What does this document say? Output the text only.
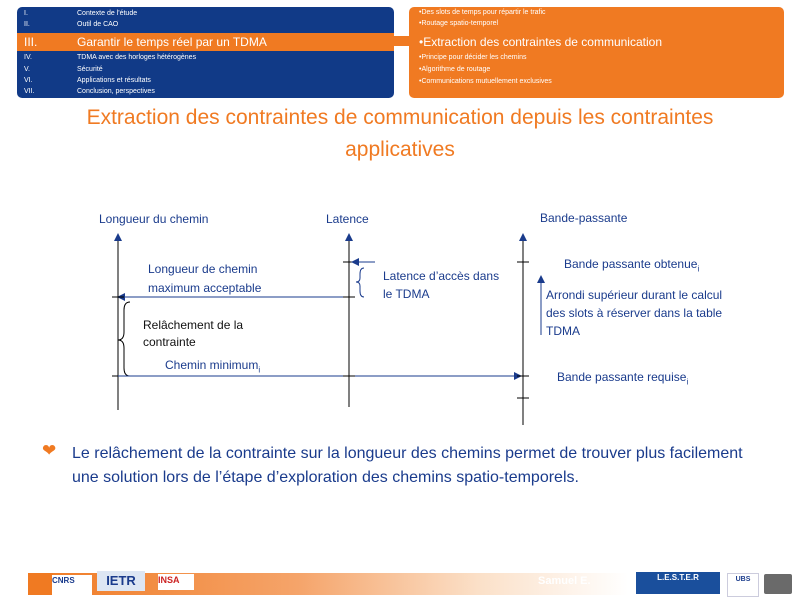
I.	Contexte de l'étude
II.	Outil de CAO
III.	Garantir le temps réel par un TDMA
IV.	TDMA avec des horloges hétérogènes
V.	Sécurité
VI.	Applications et résultats
VII.	Conclusion, perspectives
•Des slots de temps pour répartir le trafic
•Routage spatio-temporel
•Extraction des contraintes de communication
•Principe pour décider les chemins
•Algorithme de routage
•Communications mutuellement exclusives
Extraction des contraintes de communication depuis les contraintes applicatives
Longueur du chemin	Latence	Bande-passante
Longueur de chemin
maximum acceptable
Latence d’accès dans
le TDMA
Relâchement de la
contrainte
Chemin minimum$_i$
Bande passante obtenue$_i$
Arrondi supérieur durant le calcul
des slots à réserver dans la table
TDMA
Bande passante requise$_i$
❤ Le relâchement de la contrainte sur la longueur des chemins permet de trouver plus facilement une solution lors de l’étape d’exploration des chemins spatio-temporels.
CNRS	IETR	INSA	Samuel E.	L.E.S.T.E.R	UBS
